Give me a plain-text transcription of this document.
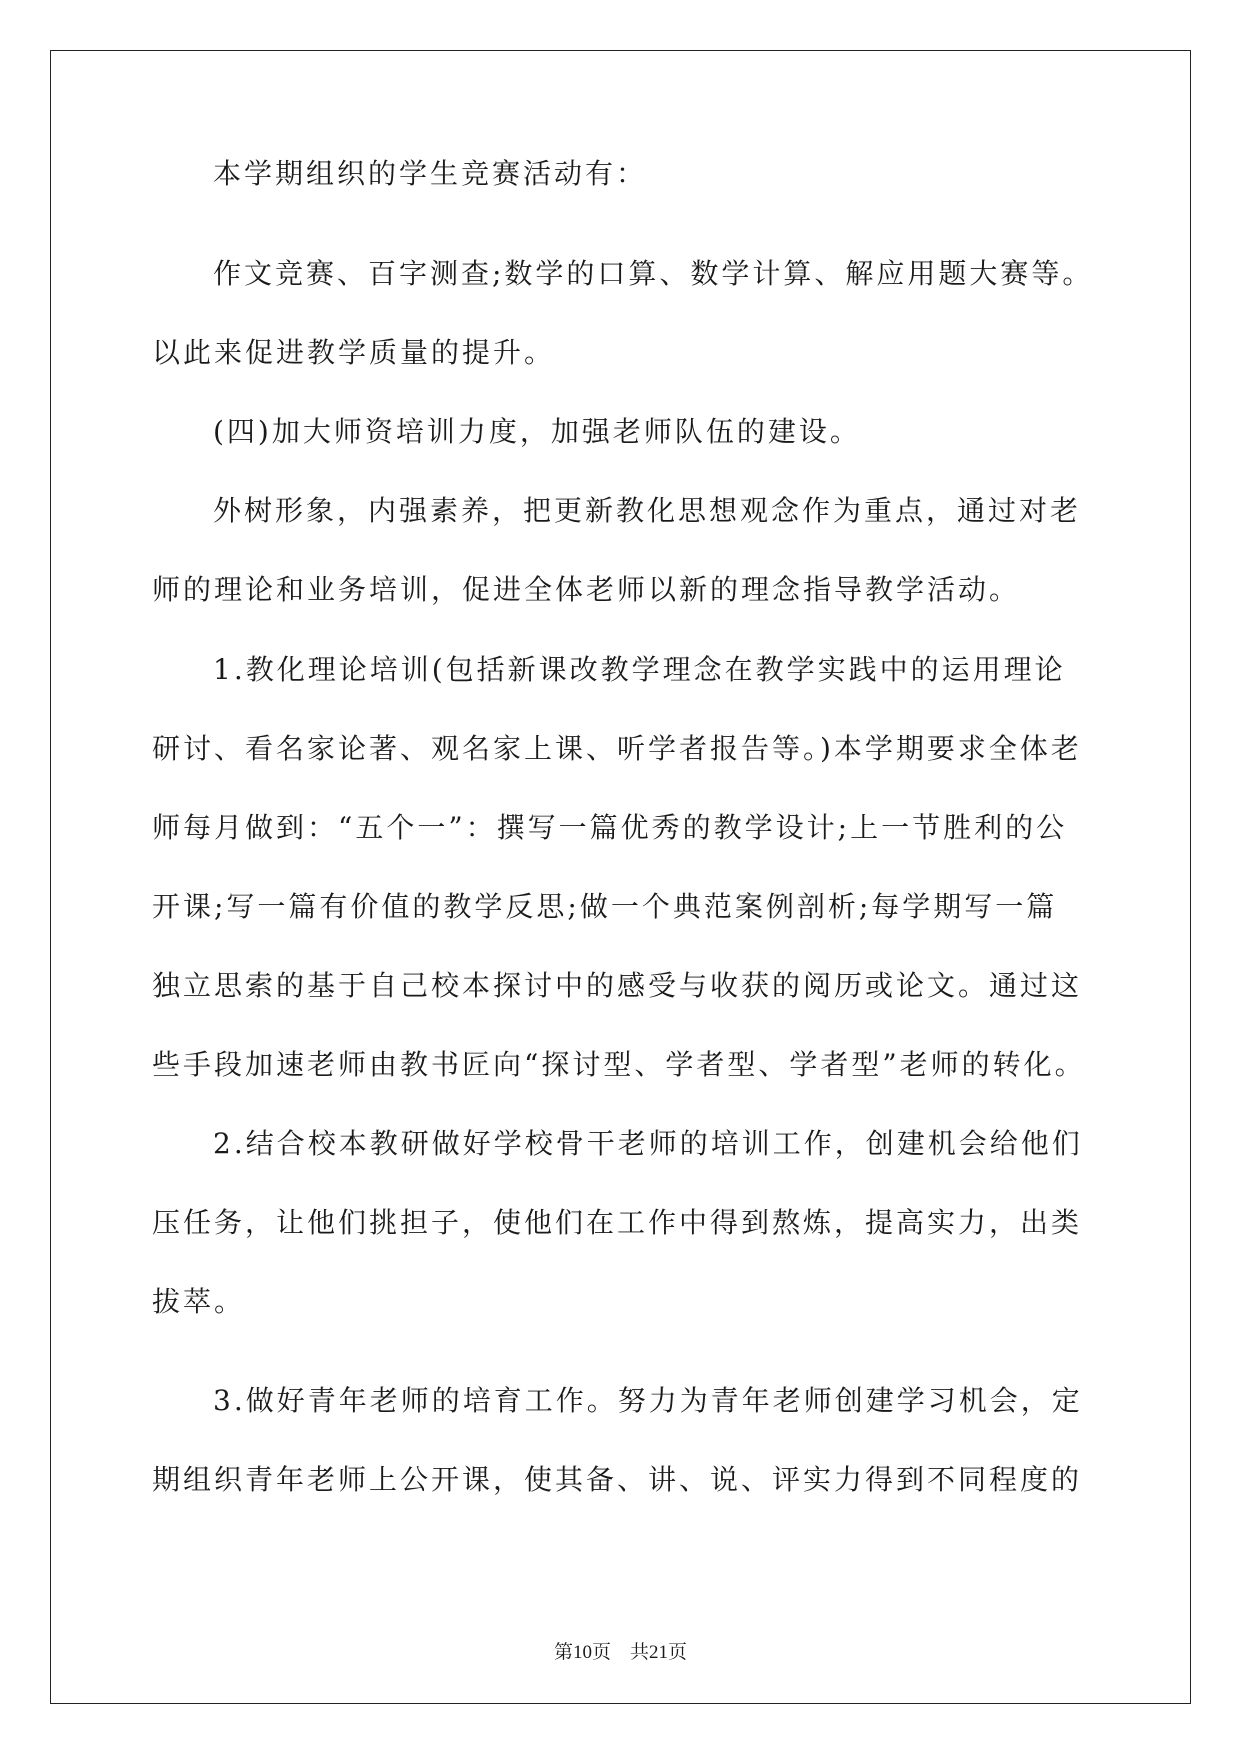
本学期组织的学生竞赛活动有：
作文竞赛、百字测查;数学的口算、数学计算、解应用题大赛等。
以此来促进教学质量的提升。
(四)加大师资培训力度，加强老师队伍的建设。
外树形象，内强素养，把更新教化思想观念作为重点，通过对老
师的理论和业务培训，促进全体老师以新的理念指导教学活动。
1.教化理论培训(包括新课改教学理念在教学实践中的运用理论
研讨、看名家论著、观名家上课、听学者报告等。)本学期要求全体老
师每月做到：“五个一”：撰写一篇优秀的教学设计;上一节胜利的公
开课;写一篇有价值的教学反思;做一个典范案例剖析;每学期写一篇
独立思索的基于自己校本探讨中的感受与收获的阅历或论文。通过这
些手段加速老师由教书匠向“探讨型、学者型、学者型”老师的转化。
2.结合校本教研做好学校骨干老师的培训工作，创建机会给他们
压任务，让他们挑担子，使他们在工作中得到熬炼，提高实力，出类
拔萃。
3.做好青年老师的培育工作。努力为青年老师创建学习机会，定
期组织青年老师上公开课，使其备、讲、说、评实力得到不同程度的
第10页　共21页
